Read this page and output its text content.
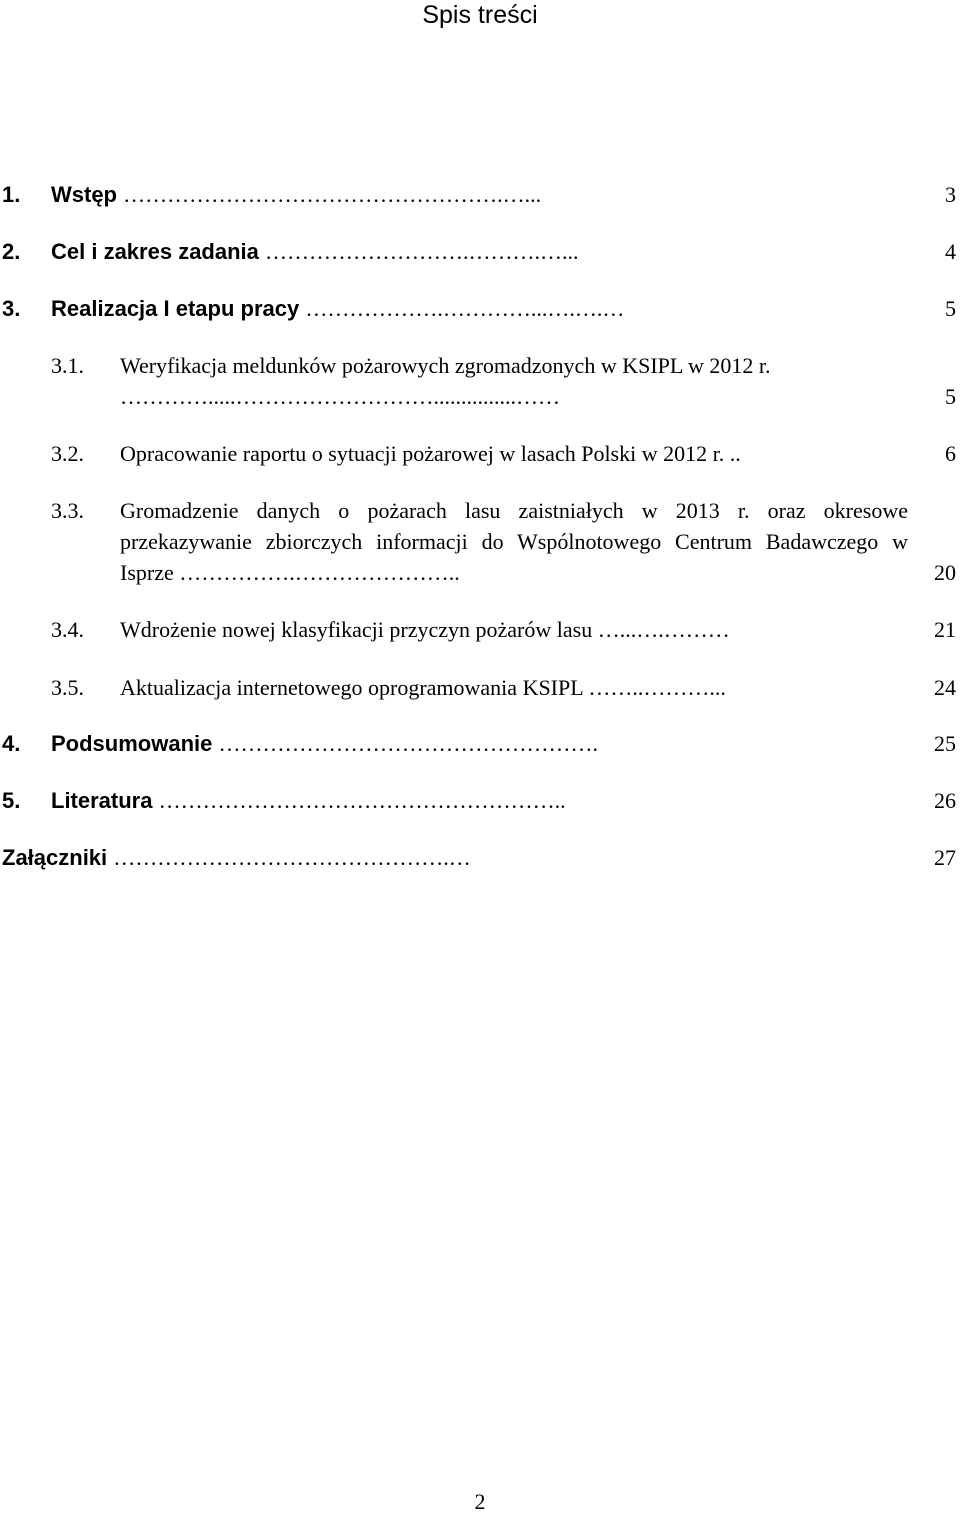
Spis treści
1. Wstęp …………………………………………….…...	3
2. Cel i zakres zadania ……………………….……….…...	4
3. Realizacja I etapu pracy ……………….…………...….….…	5
3.1. Weryfikacja meldunków pożarowych zgromadzonych w KSIPL w 2012 r. ………….....………………………...............……	5
3.2. Opracowanie raportu o sytuacji pożarowej w lasach Polski w 2012 r. ..	6
3.3. Gromadzenie danych o pożarach lasu zaistniałych w 2013 r. oraz okresowe przekazywanie zbiorczych informacji do Wspólnotowego Centrum Badawczego w Isprze …………….…………………..	20
3.4. Wdrożenie nowej klasyfikacji przyczyn pożarów lasu …...….………	21
3.5. Aktualizacja internetowego oprogramowania KSIPL ……..………...	24
4. Podsumowanie …………………………………………….	25
5. Literatura ………………………………………………..	26
Załączniki ……………………………………….…	27
2
